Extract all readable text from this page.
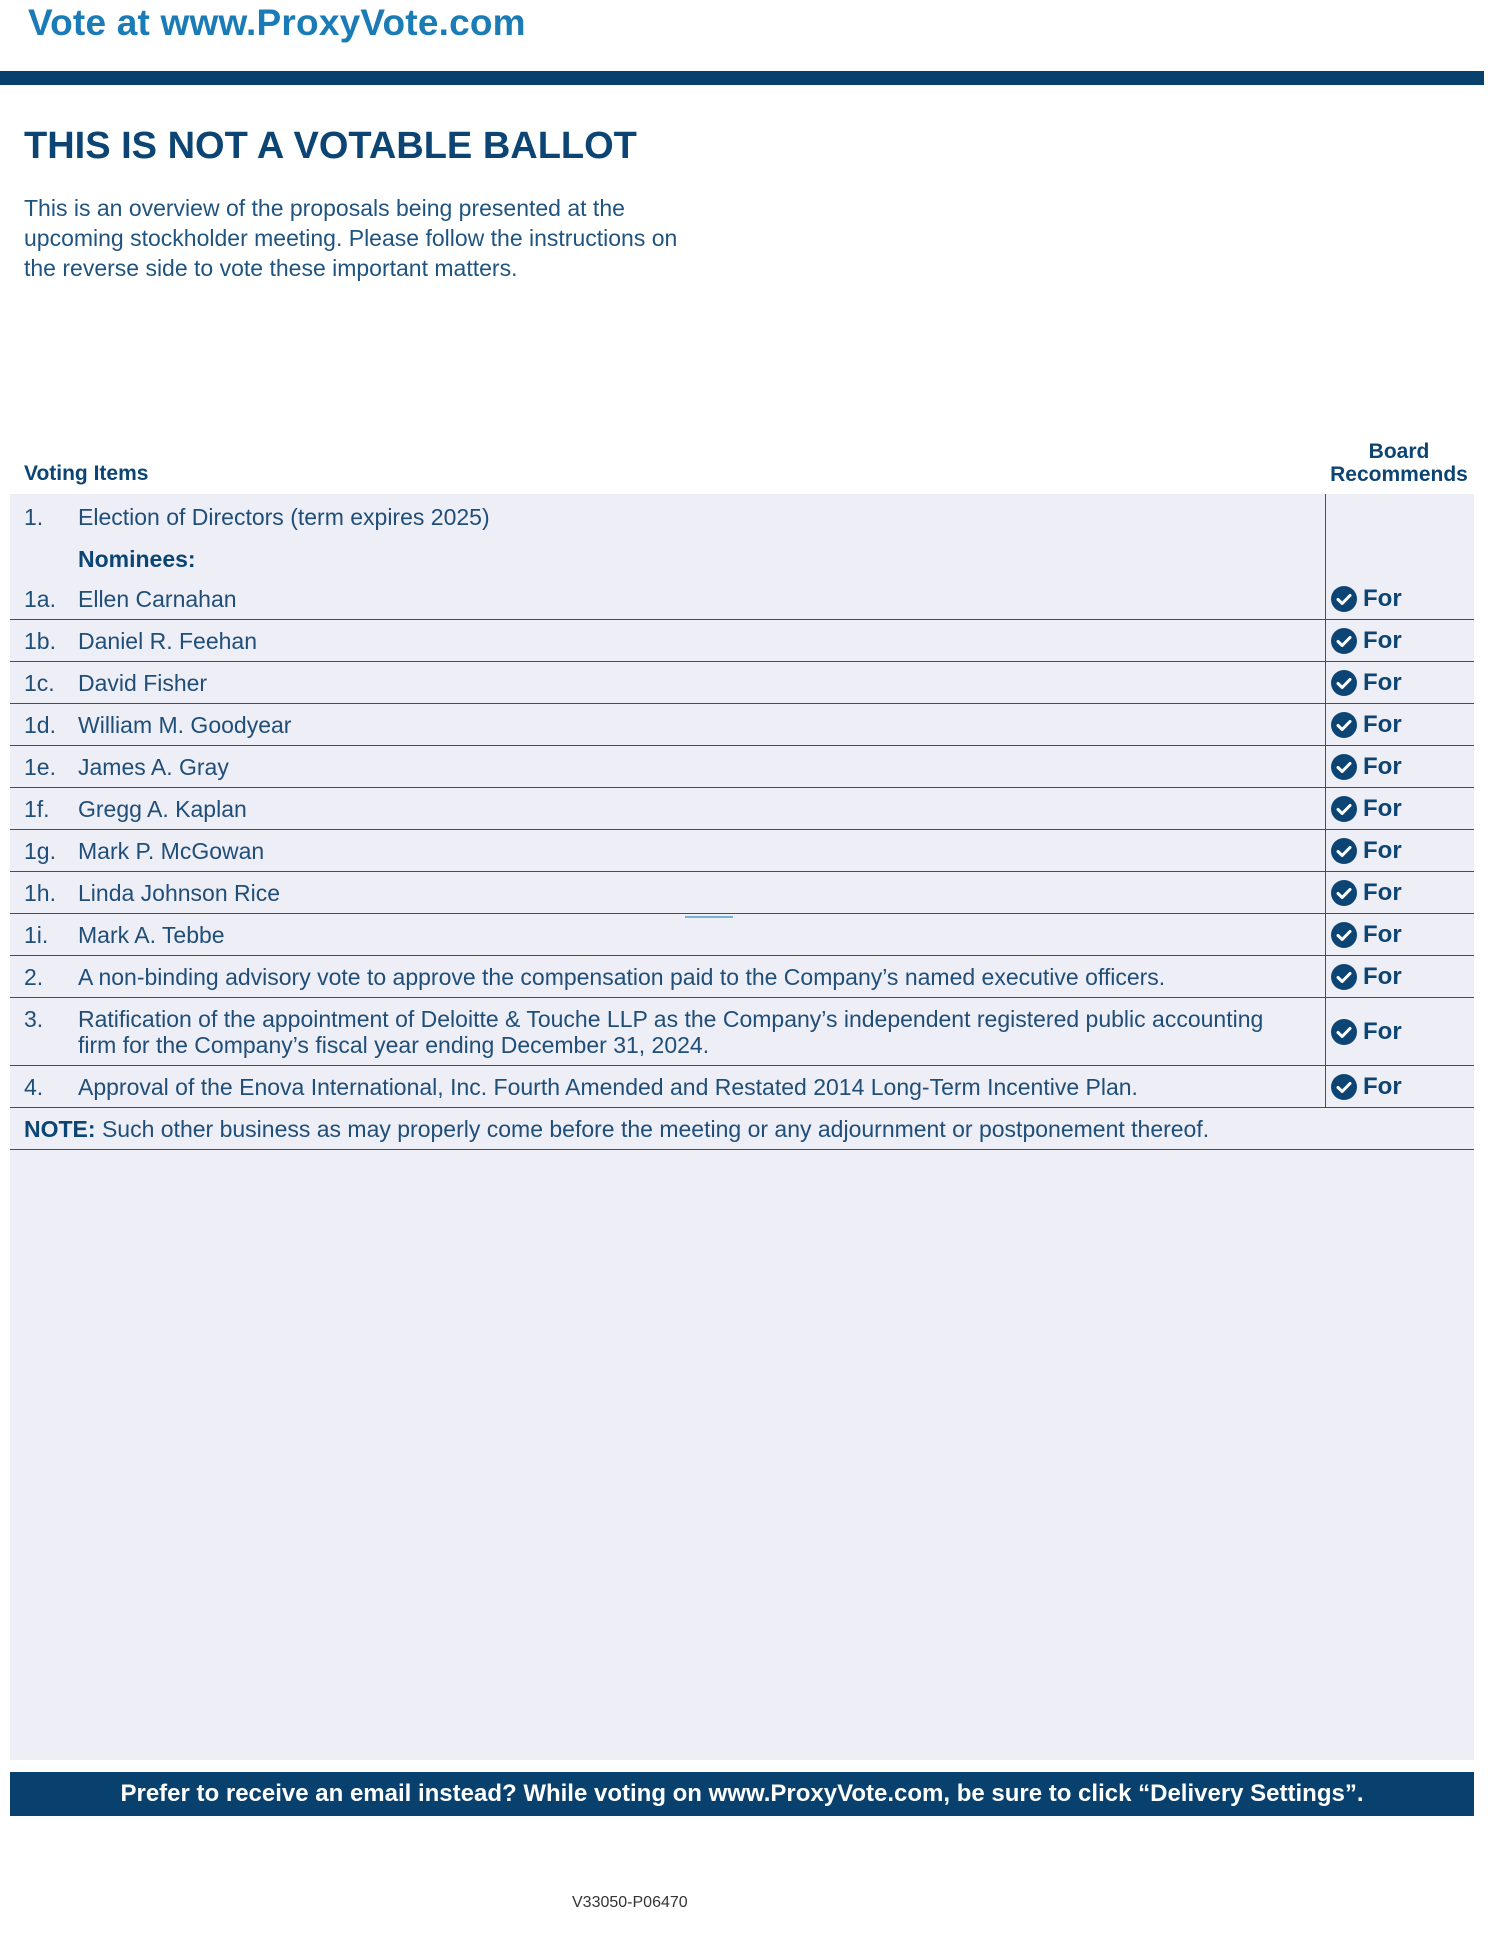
Vote at www.ProxyVote.com
THIS IS NOT A VOTABLE BALLOT
This is an overview of the proposals being presented at the
upcoming stockholder meeting. Please follow the instructions on
the reverse side to vote these important matters.
Voting Items
Board
Recommends
1. Election of Directors (term expires 2025)
Nominees:
1a. Ellen Carnahan	For
1b. Daniel R. Feehan	For
1c. David Fisher	For
1d. William M. Goodyear	For
1e. James A. Gray	For
1f. Gregg A. Kaplan	For
1g. Mark P. McGowan	For
1h. Linda Johnson Rice	For
1i. Mark A. Tebbe	For
2. A non-binding advisory vote to approve the compensation paid to the Company’s named executive officers.	For
3. Ratification of the appointment of Deloitte & Touche LLP as the Company’s independent registered public accounting
firm for the Company’s fiscal year ending December 31, 2024.	For
4. Approval of the Enova International, Inc. Fourth Amended and Restated 2014 Long-Term Incentive Plan.	For
NOTE: Such other business as may properly come before the meeting or any adjournment or postponement thereof.
Prefer to receive an email instead? While voting on www.ProxyVote.com, be sure to click “Delivery Settings”.
V33050-P06470
